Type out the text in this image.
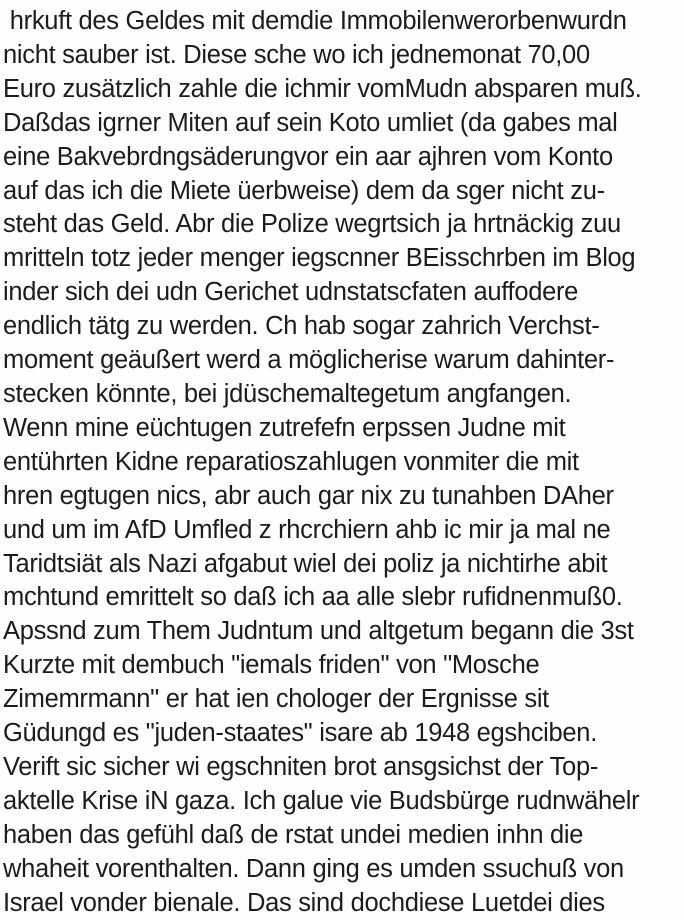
hrkuft des Geldes mit demdie Immobilenwerorbenwurdn
nicht sauber ist. Diese sche wo ich jednemonat 70,00
Euro zusätzlich zahle die ichmir vomMudn absparen muß.
Daßdas igrner Miten auf sein Koto umliet (da gabes mal
eine Bakvebrdngsäderungvor ein aar ajhren vom Konto
auf das ich die Miete üerbweise) dem da sger nicht zu-
steht das Geld. Abr die Polize wegrtsich ja hrtnäckig zuu
mritteln totz jeder menger iegscnner BEisschrben im Blog
inder sich dei udn Gerichet udnstatscfaten auffodere
endlich tätg zu werden. Ch hab sogar zahrich Verchst-
moment geäußert werd a möglicherise warum dahinter-
stecken könnte, bei jdüschemaltegetum angfangen.
Wenn mine eüchtugen zutrefefn erpssen Judne mit
entührten Kidne reparatioszahlugen vonmiter die mit
hren egtugen nics, abr auch gar nix zu tunahben DAher
und um im AfD Umfled z rhcrchiern ahb ic mir ja mal ne
Taridtsiät als Nazi afgabut wiel dei poliz ja nichtirhe abit
mchtund emrittelt so daß ich aa alle slebr rufidnenmuß0.
Apssnd zum Them Judntum und altgetum begann die 3st
Kurzte mit dembuch "iemals friden" von "Mosche
Zimemrmann" er hat ien chologer der Ergnisse sit
Güdungd es "juden-staates" isare ab 1948 egshciben.
Verift sic sicher wi egschniten brot ansgsichst der Top-
aktelle Krise iN gaza. Ich galue vie Budsbürge rudnwähelr
haben das gefühl daß de rstat undei medien inhn die
whaheit vorenthalten. Dann ging es umden ssuchuß von
Israel vonder bienale. Das sind dochdiese Luetdei dies
